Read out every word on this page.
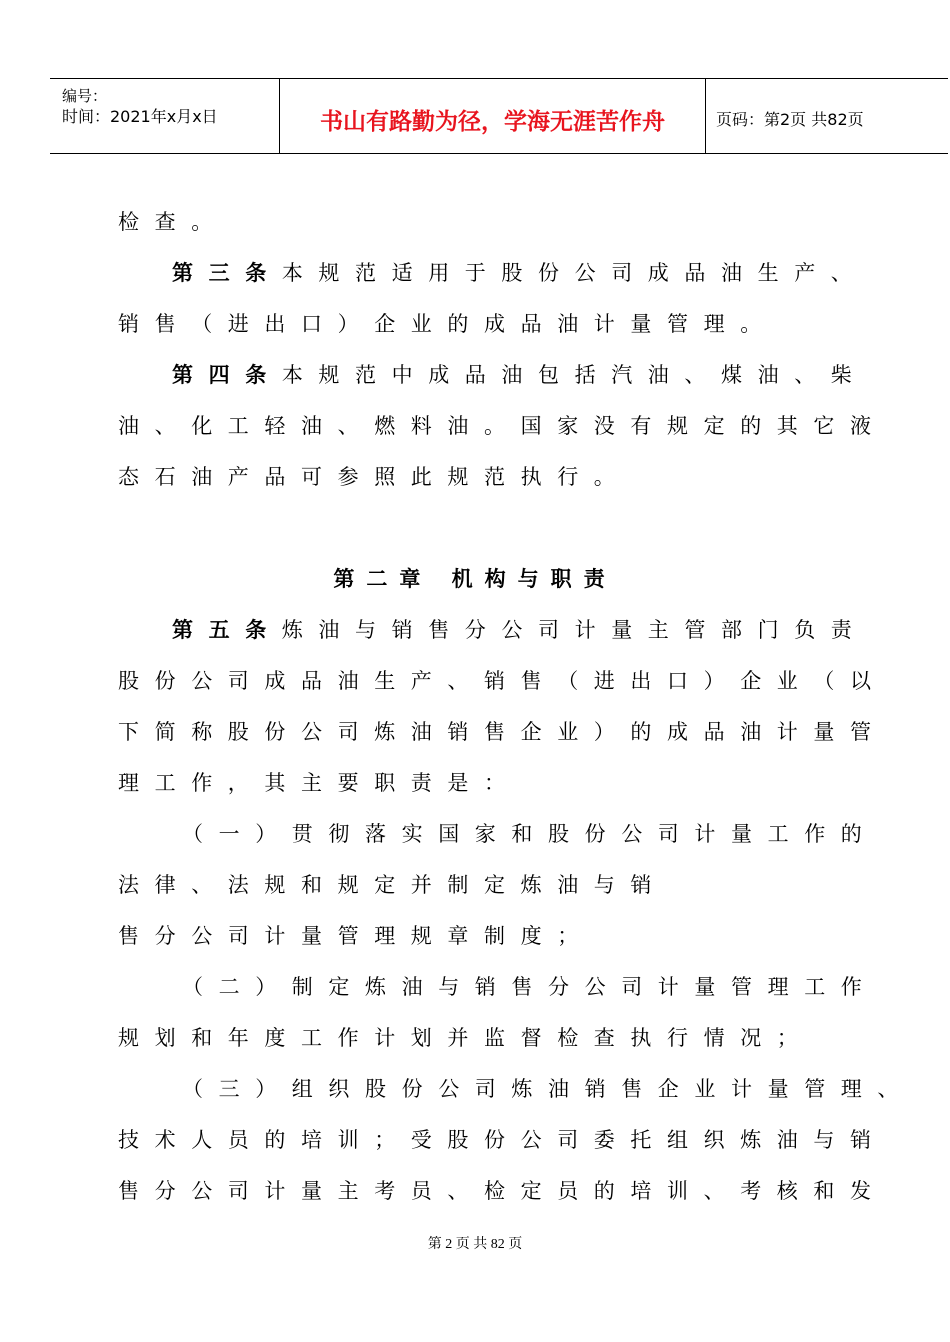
编号：
时间：2021年x月x日	书山有路勤为径，学海无涯苦作舟	页码：第2页 共82页
检查。
第三条本规范适用于股份公司成品油生产、
销售（进出口）企业的成品油计量管理。
第四条本规范中成品油包括汽油、煤油、柴
油、化工轻油、燃料油。国家没有规定的其它液
态石油产品可参照此规范执行。
第二章 机构与职责
第五条炼油与销售分公司计量主管部门负责
股份公司成品油生产、销售（进出口）企业（以
下简称股份公司炼油销售企业）的成品油计量管
理工作，其主要职责是：
（一）贯彻落实国家和股份公司计量工作的
法律、法规和规定并制定炼油与销
售分公司计量管理规章制度；
（二）制定炼油与销售分公司计量管理工作
规划和年度工作计划并监督检查执行情况；
（三）组织股份公司炼油销售企业计量管理、
技术人员的培训；受股份公司委托组织炼油与销
售分公司计量主考员、检定员的培训、考核和发
第 2 页 共 82 页
